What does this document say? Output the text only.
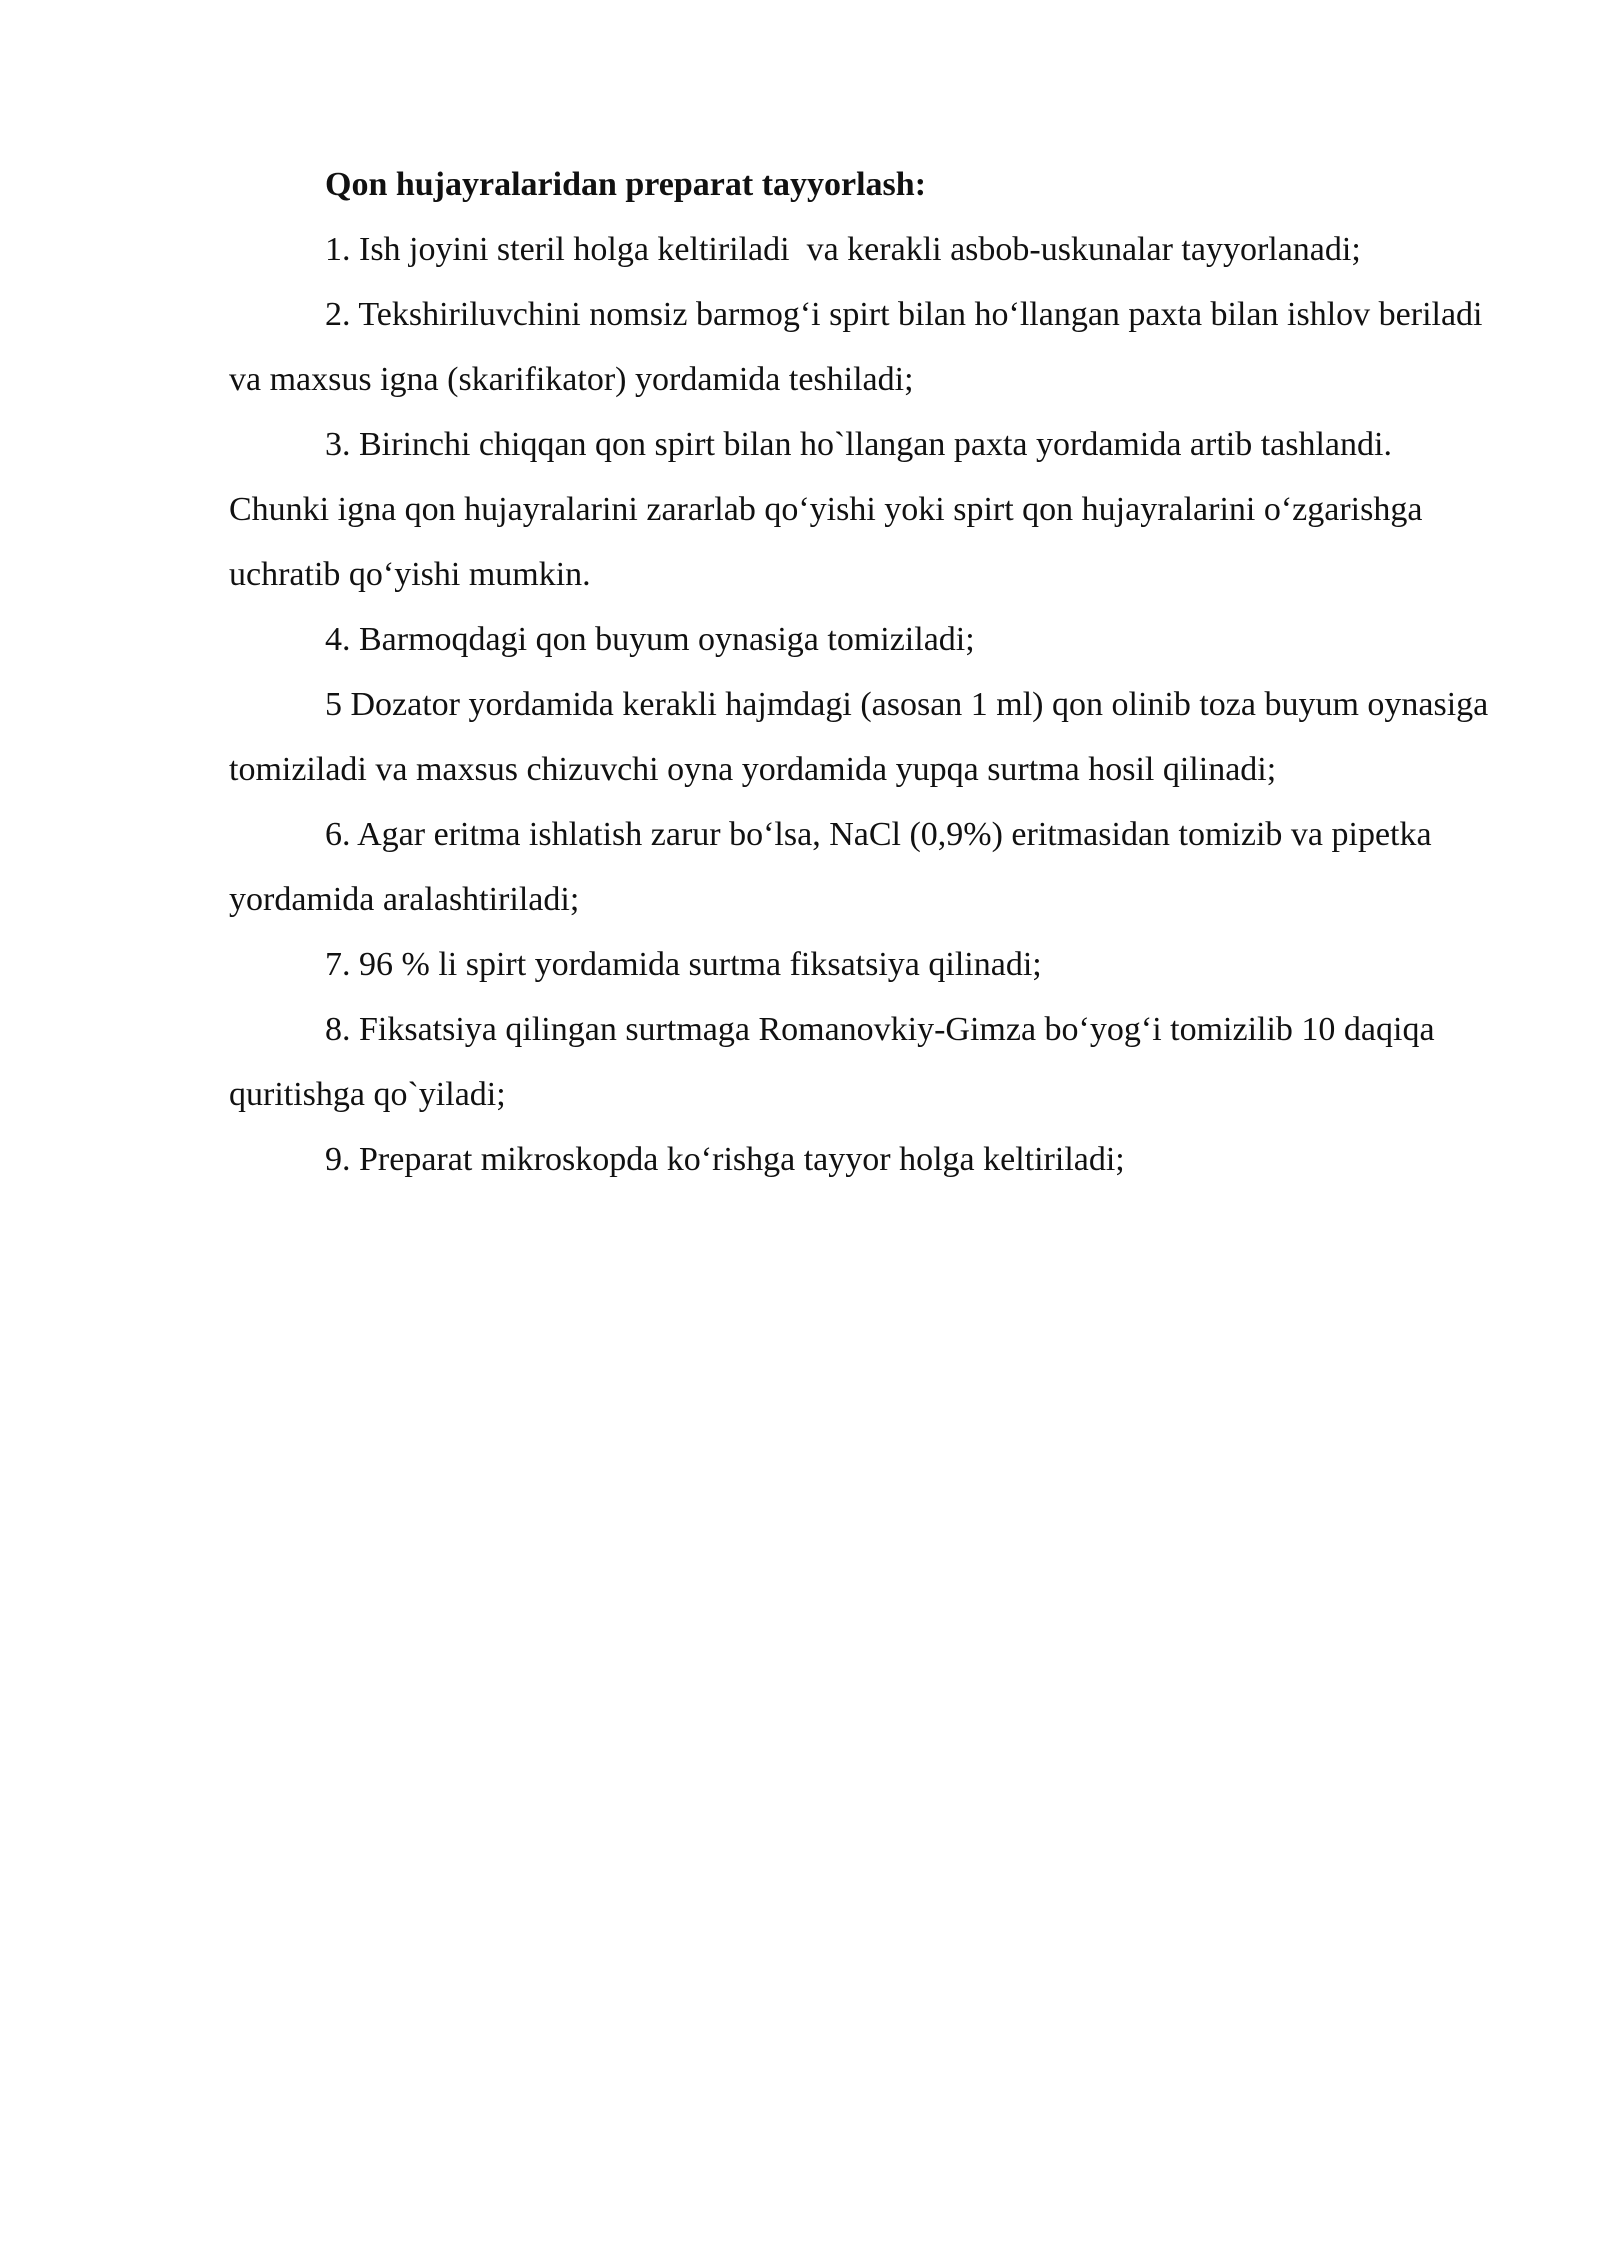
Qon hujayralaridan preparat tayyorlash:

1. Ish joyini steril holga keltiriladi  va kerakli asbob-uskunalar tayyorlanadi;

2. Tekshiriluvchini nomsiz barmog‘i spirt bilan ho‘llangan paxta bilan ishlov beriladi va maxsus igna (skarifikator) yordamida teshiladi;

3. Birinchi chiqqan qon spirt bilan ho`llangan paxta yordamida artib tashlandi. Chunki igna qon hujayralarini zararlab qo‘yishi yoki spirt qon hujayralarini o‘zgarishga uchratib qo‘yishi mumkin.

4. Barmoqdagi qon buyum oynasiga tomiziladi;

5 Dozator yordamida kerakli hajmdagi (asosan 1 ml) qon olinib toza buyum oynasiga tomiziladi va maxsus chizuvchi oyna yordamida yupqa surtma hosil qilinadi;

6. Agar eritma ishlatish zarur bo‘lsa, NaCl (0,9%) eritmasidan tomizib va pipetka yordamida aralashtiriladi;

7. 96 % li spirt yordamida surtma fiksatsiya qilinadi;

8. Fiksatsiya qilingan surtmaga Romanovkiy-Gimza bo‘yog‘i tomizilib 10 daqiqa quritishga qo`yiladi;

9. Preparat mikroskopda ko‘rishga tayyor holga keltiriladi;
